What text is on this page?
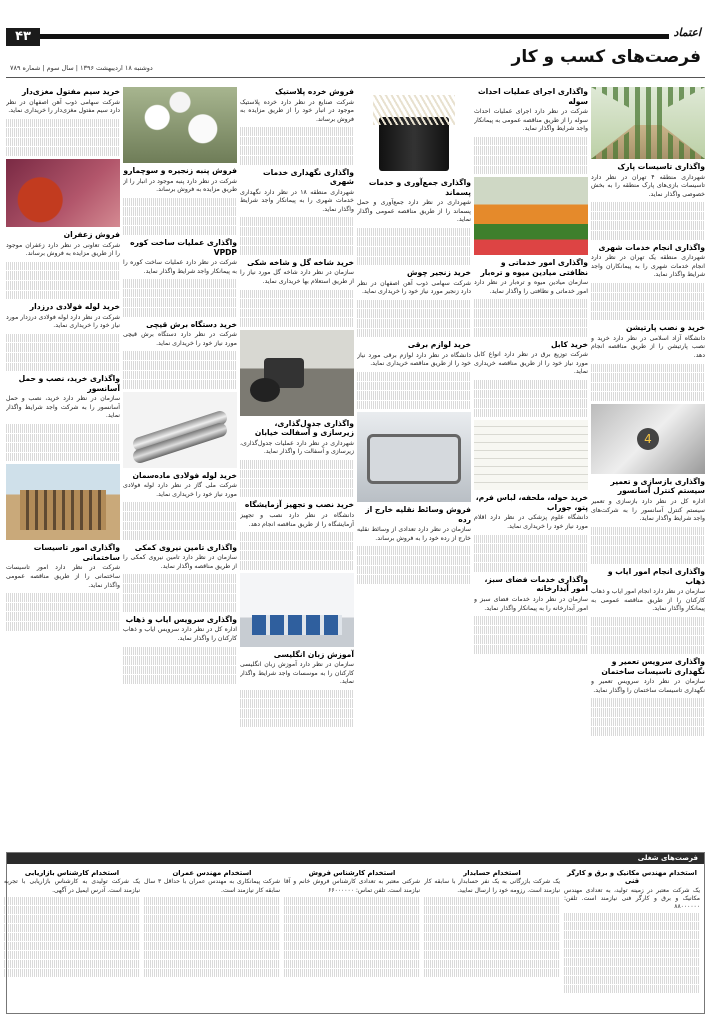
۴۳	اعتماد
فرصت‌های کسب و کار
دوشنبه ۱۸ اردیبهشت ۱۳۹۶ | سال سوم | شماره ۷۸۹
واگذاری تاسیسات پارک

شهرداری منطقه ۴ تهران در نظر دارد تاسیسات بازی‌های پارک منطقه را به بخش خصوصی واگذار نماید.

واگذاری انجام خدمات شهری

شهرداری منطقه یک تهران در نظر دارد انجام خدمات شهری را به پیمانکاران واجد شرایط واگذار نماید.

خرید و نصب پارتیشن

دانشگاه آزاد اسلامی در نظر دارد خرید و نصب پارتیشن را از طریق مناقصه انجام دهد.

4
واگذاری بازسازی و تعمیر سیستم کنترل آسانسور

اداره کل در نظر دارد بازسازی و تعمیر سیستم کنترل آسانسور را به شرکت‌های واجد شرایط واگذار نماید.

واگذاری انجام امور ایاب و ذهاب

سازمان در نظر دارد انجام امور ایاب و ذهاب کارکنان را از طریق مناقصه عمومی به پیمانکار واگذار نماید.

واگذاری سرویس تعمیر و نگهداری تاسیسات ساختمان

سازمان در نظر دارد سرویس تعمیر و نگهداری تاسیسات ساختمان را واگذار نماید.

واگذاری اجرای عملیات احداث سوله

شرکت در نظر دارد اجرای عملیات احداث سوله را از طریق مناقصه عمومی به پیمانکار واجد شرایط واگذار نماید.

واگذاری امور خدماتی و نظافتی میادین میوه و تره‌بار

سازمان میادین میوه و تره‌بار در نظر دارد امور خدماتی و نظافتی را واگذار نماید.

خرید کابل

شرکت توزیع برق در نظر دارد انواع کابل مورد نیاز خود را از طریق مناقصه خریداری نماید.

خرید حوله، ملحفه، لباس فرم، پتو، جوراب

دانشگاه علوم پزشکی در نظر دارد اقلام مورد نیاز خود را خریداری نماید.

واگذاری خدمات فضای سبز، امور آبدارخانه

سازمان در نظر دارد خدمات فضای سبز و امور آبدارخانه را به پیمانکار واگذار نماید.

واگذاری جمع‌آوری و خدمات پسماند

شهرداری در نظر دارد جمع‌آوری و حمل پسماند را از طریق مناقصه عمومی واگذار نماید.

خرید زنجیر چوش

شرکت سهامی ذوب آهن اصفهان در نظر دارد زنجیر مورد نیاز خود را خریداری نماید.

خرید لوازم برقی

دانشگاه در نظر دارد لوازم برقی مورد نیاز خود را از طریق مناقصه خریداری نماید.

فروش وسائط نقلیه خارج از رده

سازمان در نظر دارد تعدادی از وسائط نقلیه خارج از رده خود را به فروش برساند.

فروش خرده پلاستیک

شرکت صنایع در نظر دارد خرده پلاستیک موجود در انبار خود را از طریق مزایده به فروش برساند.

واگذاری نگهداری خدمات شهری

شهرداری منطقه ۱۸ در نظر دارد نگهداری خدمات شهری را به پیمانکار واجد شرایط واگذار نماید.

خرید شاخه گل و شاخه شکی

سازمان در نظر دارد شاخه گل مورد نیاز را از طریق استعلام بها خریداری نماید.

واگذاری جدول‌گذاری، زیرسازی و آسفالت خیابان

شهرداری در نظر دارد عملیات جدول‌گذاری، زیرسازی و آسفالت را واگذار نماید.

خرید نصب و تجهیز آزمایشگاه

دانشگاه در نظر دارد نصب و تجهیز آزمایشگاه را از طریق مناقصه انجام دهد.

آموزش زبان انگلیسی

سازمان در نظر دارد آموزش زبان انگلیسی کارکنان را به موسسات واجد شرایط واگذار نماید.

فروش پنبه زنجیره و سوچمارو

شرکت در نظر دارد پنبه موجود در انبار را از طریق مزایده به فروش برساند.

واگذاری عملیات ساخت کوره VPDP

شرکت در نظر دارد عملیات ساخت کوره را به پیمانکار واجد شرایط واگذار نماید.

خرید دستگاه برش قیچی

شرکت در نظر دارد دستگاه برش قیچی مورد نیاز خود را خریداری نماید.

خرید لوله فولادی ماده‌سمان

شرکت ملی گاز در نظر دارد لوله فولادی مورد نیاز خود را خریداری نماید.

واگذاری تامین نیروی کمکی

سازمان در نظر دارد تامین نیروی کمکی را از طریق مناقصه واگذار نماید.

واگذاری سرویس ایاب و ذهاب

اداره کل در نظر دارد سرویس ایاب و ذهاب کارکنان را واگذار نماید.

خرید سیم مفتول مغزی‌دار

شرکت سهامی ذوب آهن اصفهان در نظر دارد سیم مفتول مغزی‌دار را خریداری نماید.

فروش زعفران

شرکت تعاونی در نظر دارد زعفران موجود را از طریق مزایده به فروش برساند.

خرید لوله فولادی درزدار

شرکت در نظر دارد لوله فولادی درزدار مورد نیاز خود را خریداری نماید.

واگذاری خرید، نصب و حمل آسانسور

سازمان در نظر دارد خرید، نصب و حمل آسانسور را به شرکت واجد شرایط واگذار نماید.

واگذاری امور تاسیسات ساختمانی

شرکت در نظر دارد امور تاسیسات ساختمانی را از طریق مناقصه عمومی واگذار نماید.

فرصت‌های شغلی
استخدام مهندس مکانیک و برق و کارگر فنی

یک شرکت معتبر در زمینه تولید، به تعدادی مهندس مکانیک و برق و کارگر فنی نیازمند است. تلفن: ۸۸۰۰۰۰۰۰

استخدام حسابدار

یک شرکت بازرگانی به یک نفر حسابدار با سابقه کار نیازمند است. رزومه خود را ارسال نمایید.

استخدام کارشناس فروش

شرکتی معتبر به تعدادی کارشناس فروش خانم و آقا نیازمند است. تلفن تماس: ۶۶۰۰۰۰۰۰

استخدام مهندس عمران

شرکت پیمانکاری به مهندس عمران با حداقل ۳ سال سابقه کار نیازمند است.

استخدام کارشناس بازاریابی

یک شرکت تولیدی به کارشناس بازاریابی با تجربه نیازمند است. آدرس ایمیل در آگهی.
